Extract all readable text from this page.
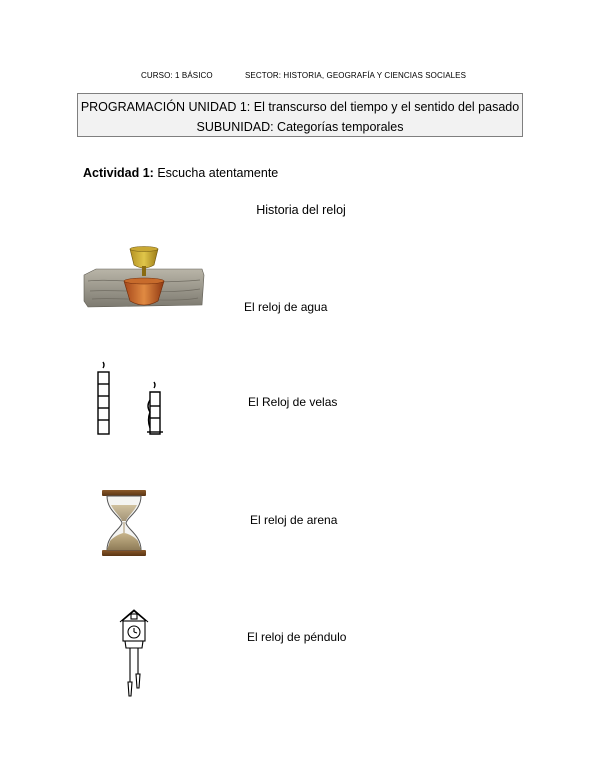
CURSO: 1 BÁSICO	SECTOR: HISTORIA, GEOGRAFÍA Y CIENCIAS SOCIALES
PROGRAMACIÓN UNIDAD 1: El transcurso del tiempo y el sentido del pasado
SUBUNIDAD: Categorías temporales
Actividad 1: Escucha atentamente
Historia del reloj
El reloj de agua
El Reloj de velas
El reloj de arena
El reloj de péndulo
